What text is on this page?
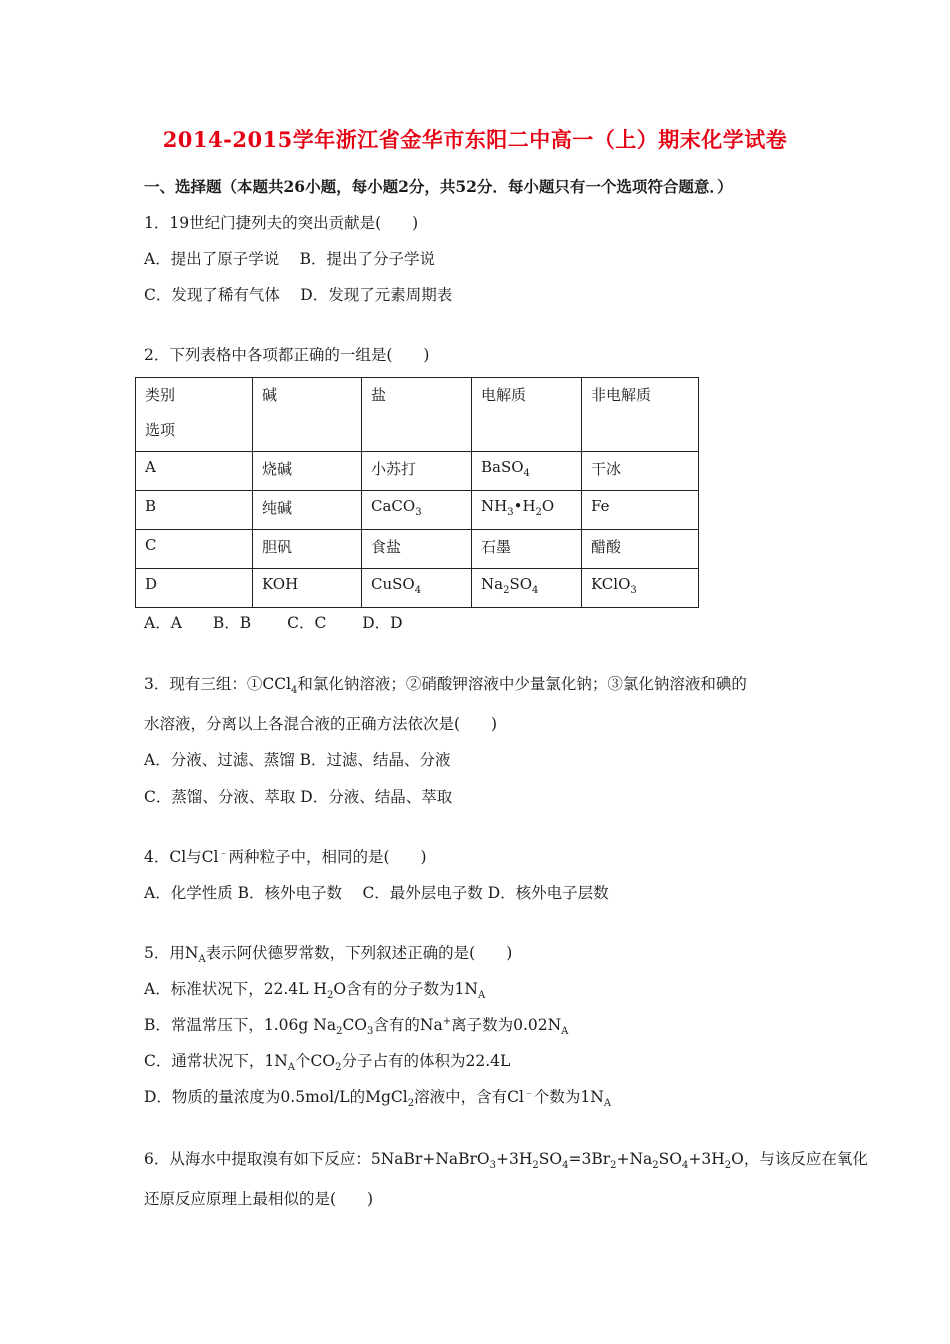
2014-2015学年浙江省金华市东阳二中高一（上）期末化学试卷
一、选择题（本题共26小题，每小题2分，共52分．每小题只有一个选项符合题意．）
1．19世纪门捷列夫的突出贡献是(　　)
A．提出了原子学说　 B．提出了分子学说
C．发现了稀有气体　 D．发现了元素周期表
2．下列表格中各项都正确的一组是(　　)
类别
选项	碱	盐	电解质	非电解质
A	烧碱	小苏打	BaSO$_4$	干冰
B	纯碱	CaCO$_3$	$NH_3•H_2O$	Fe
C	胆矾	食盐	石墨	醋酸
D	KOH	CuSO$_4$	$Na_2SO_4$	KClO$_3$
A．A　　B．B　　 C．C　　 D．D
3．现有三组：①CCl$_4$和氯化钠溶液；②硝酸钾溶液中少量氯化钠；③氯化钠溶液和碘的
水溶液，分离以上各混合液的正确方法依次是(　　)
A．分液、过滤、蒸馏 B．过滤、结晶、分液
C．蒸馏、分液、萃取 D．分液、结晶、萃取
4．Cl与Cl﹣两种粒子中，相同的是(　　)
A．化学性质 B．核外电子数　 C．最外层电子数 D．核外电子层数
5．用$N_A$表示阿伏德罗常数，下列叙述正确的是(　　)
A．标准状况下，22.4L $H_2O$含有的分子数为$1N_A$
B．常温常压下，1.06g $Na_2CO_3$含有的Na+离子数为$0.02N_A$
C．通常状况下，$1N_A$个$CO_2$分子占有的体积为22.4L
D．物质的量浓度为0.5mol/L的MgCl$_2$溶液中，含有Cl﹣个数为$1N_A$
6．从海水中提取溴有如下反应：$5NaBr+NaBrO_3+3H_2SO_4=3Br_2+Na_2SO_4+3H_2O$，与该反应在氧化
还原反应原理上最相似的是(　　)
